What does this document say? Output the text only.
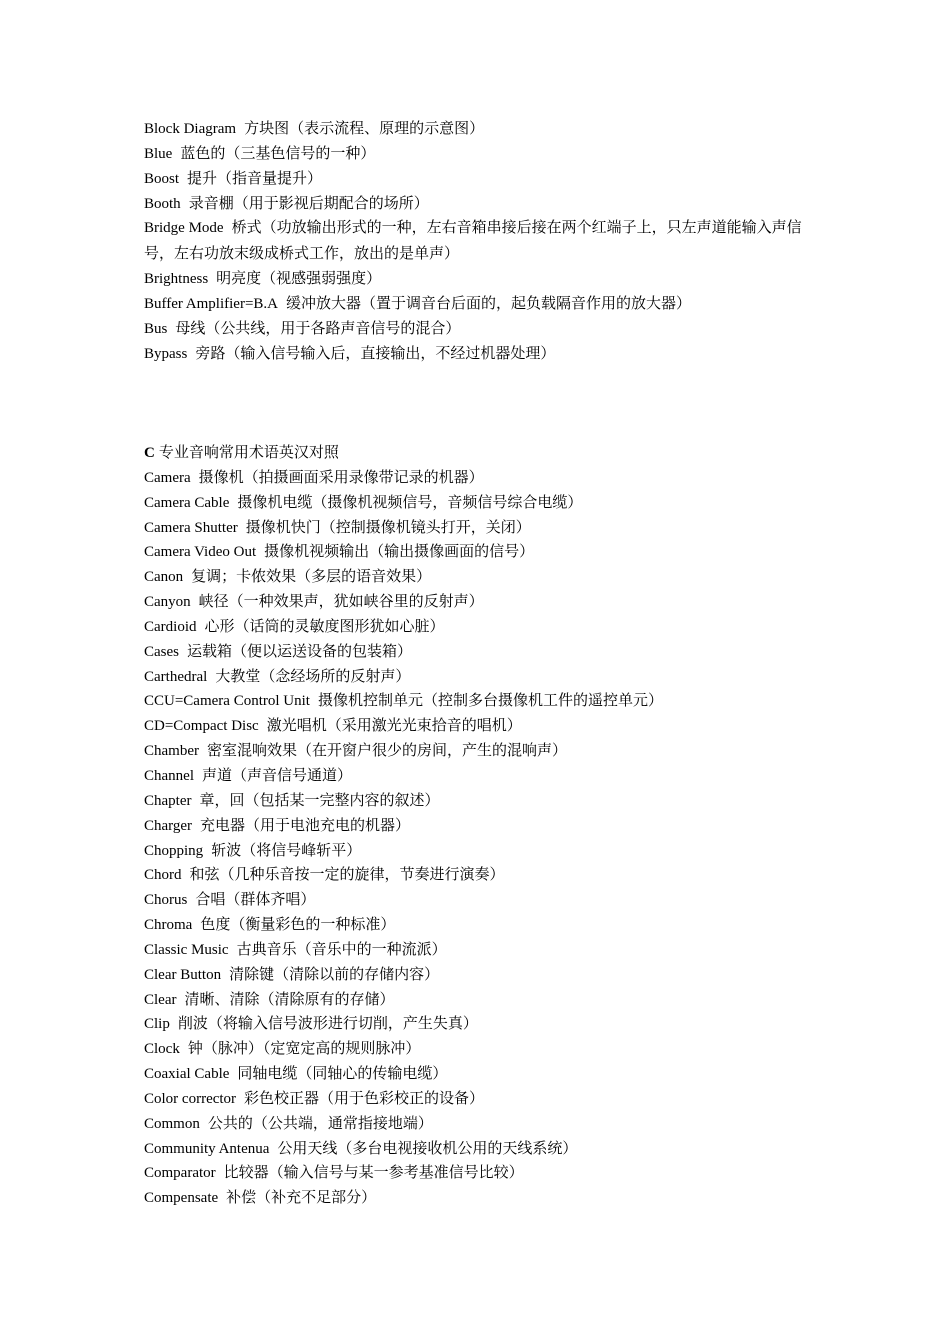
Block Diagram 方块图（表示流程、原理的示意图）
Blue 蓝色的（三基色信号的一种）
Boost 提升（指音量提升）
Booth 录音棚（用于影视后期配合的场所）
Bridge Mode 桥式（功放输出形式的一种，左右音箱串接后接在两个红端子上，只左声道能输入声信号，左右功放末级成桥式工作，放出的是单声）
Brightness 明亮度（视感强弱强度）
Buffer Amplifier=B.A 缓冲放大器（置于调音台后面的，起负载隔音作用的放大器）
Bus 母线（公共线，用于各路声音信号的混合）
Bypass 旁路（输入信号输入后，直接输出，不经过机器处理）
C 专业音响常用术语英汉对照
Camera 摄像机（拍摄画面采用录像带记录的机器）
Camera Cable 摄像机电缆（摄像机视频信号，音频信号综合电缆）
Camera Shutter 摄像机快门（控制摄像机镜头打开，关闭）
Camera Video Out 摄像机视频输出（输出摄像画面的信号）
Canon 复调；卡侬效果（多层的语音效果）
Canyon 峡径（一种效果声，犹如峡谷里的反射声）
Cardioid 心形（话筒的灵敏度图形犹如心脏）
Cases 运载箱（便以运送设备的包装箱）
Carthedral 大教堂（念经场所的反射声）
CCU=Camera Control Unit 摄像机控制单元（控制多台摄像机工件的遥控单元）
CD=Compact Disc 激光唱机（采用激光光束拾音的唱机）
Chamber 密室混响效果（在开窗户很少的房间，产生的混响声）
Channel 声道（声音信号通道）
Chapter 章，回（包括某一完整内容的叙述）
Charger 充电器（用于电池充电的机器）
Chopping 斩波（将信号峰斩平）
Chord 和弦（几种乐音按一定的旋律，节奏进行演奏）
Chorus 合唱（群体齐唱）
Chroma 色度（衡量彩色的一种标准）
Classic Music 古典音乐（音乐中的一种流派）
Clear Button 清除键（清除以前的存储内容）
Clear 清晰、清除（清除原有的存储）
Clip 削波（将输入信号波形进行切削，产生失真）
Clock 钟（脉冲）（定宽定高的规则脉冲）
Coaxial Cable 同轴电缆（同轴心的传输电缆）
Color corrector 彩色校正器（用于色彩校正的设备）
Common 公共的（公共端，通常指接地端）
Community Antenua 公用天线（多台电视接收机公用的天线系统）
Comparator 比较器（输入信号与某一参考基准信号比较）
Compensate 补偿（补充不足部分）
